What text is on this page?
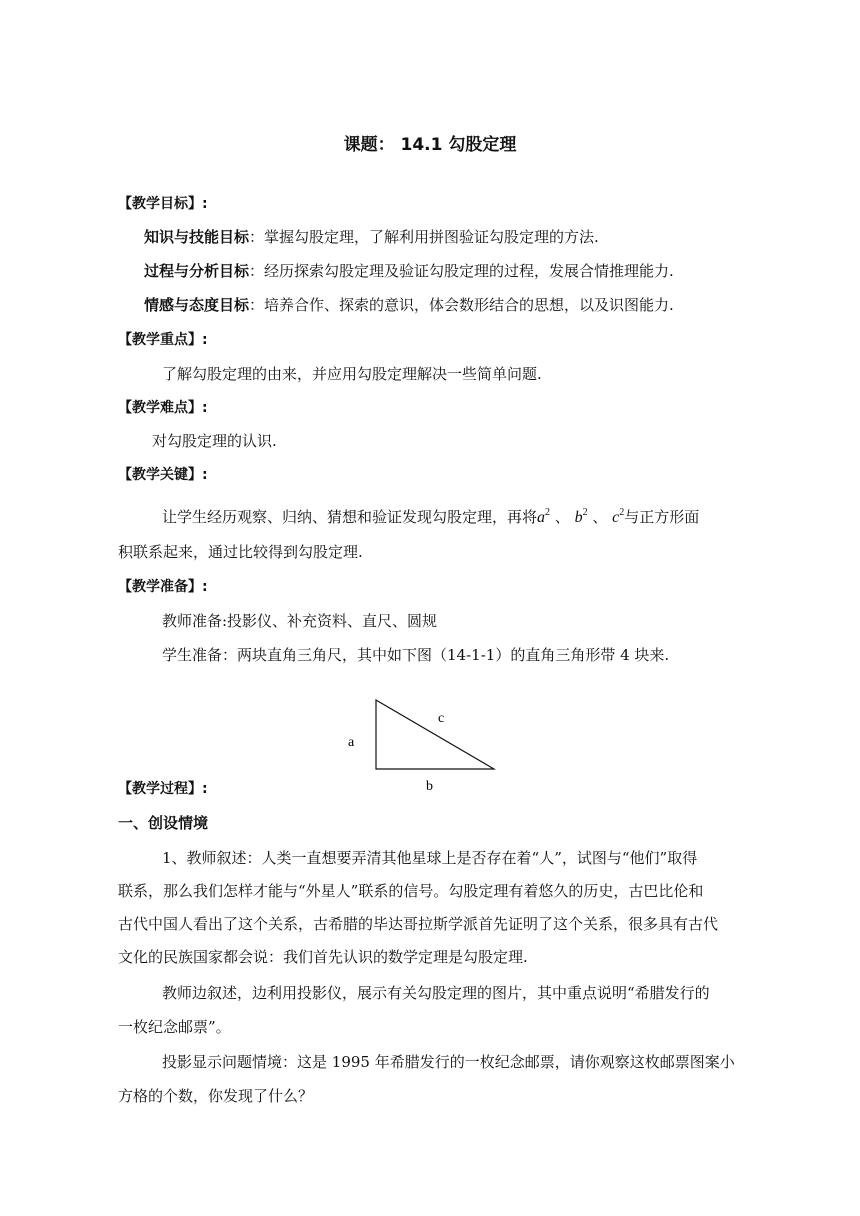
课题： 14.1 勾股定理
【教学目标】:
知识与技能目标：掌握勾股定理，了解利用拼图验证勾股定理的方法.
过程与分析目标：经历探索勾股定理及验证勾股定理的过程，发展合情推理能力.
情感与态度目标：培养合作、探索的意识，体会数形结合的思想，以及识图能力.
【教学重点】:
了解勾股定理的由来，并应用勾股定理解决一些简单问题.
【教学难点】:
对勾股定理的认识.
【教学关键】:
让学生经历观察、归纳、猜想和验证发现勾股定理，再将$a^2$ 、 $b^2$ 、 $c^2$与正方形面
积联系起来，通过比较得到勾股定理.
【教学准备】:
教师准备:投影仪、补充资料、直尺、圆规
学生准备：两块直角三角尺，其中如下图（14-1-1）的直角三角形带 4 块来.
c
a
b
【教学过程】:
一、创设情境
1、教师叙述：人类一直想要弄清其他星球上是否存在着“人”，试图与“他们”取得
联系，那么我们怎样才能与“外星人”联系的信号。勾股定理有着悠久的历史，古巴比伦和
古代中国人看出了这个关系，古希腊的毕达哥拉斯学派首先证明了这个关系，很多具有古代
文化的民族国家都会说：我们首先认识的数学定理是勾股定理.
教师边叙述，边利用投影仪，展示有关勾股定理的图片，其中重点说明“希腊发行的
一枚纪念邮票”。
投影显示问题情境：这是 1995 年希腊发行的一枚纪念邮票，请你观察这枚邮票图案小
方格的个数，你发现了什么？
